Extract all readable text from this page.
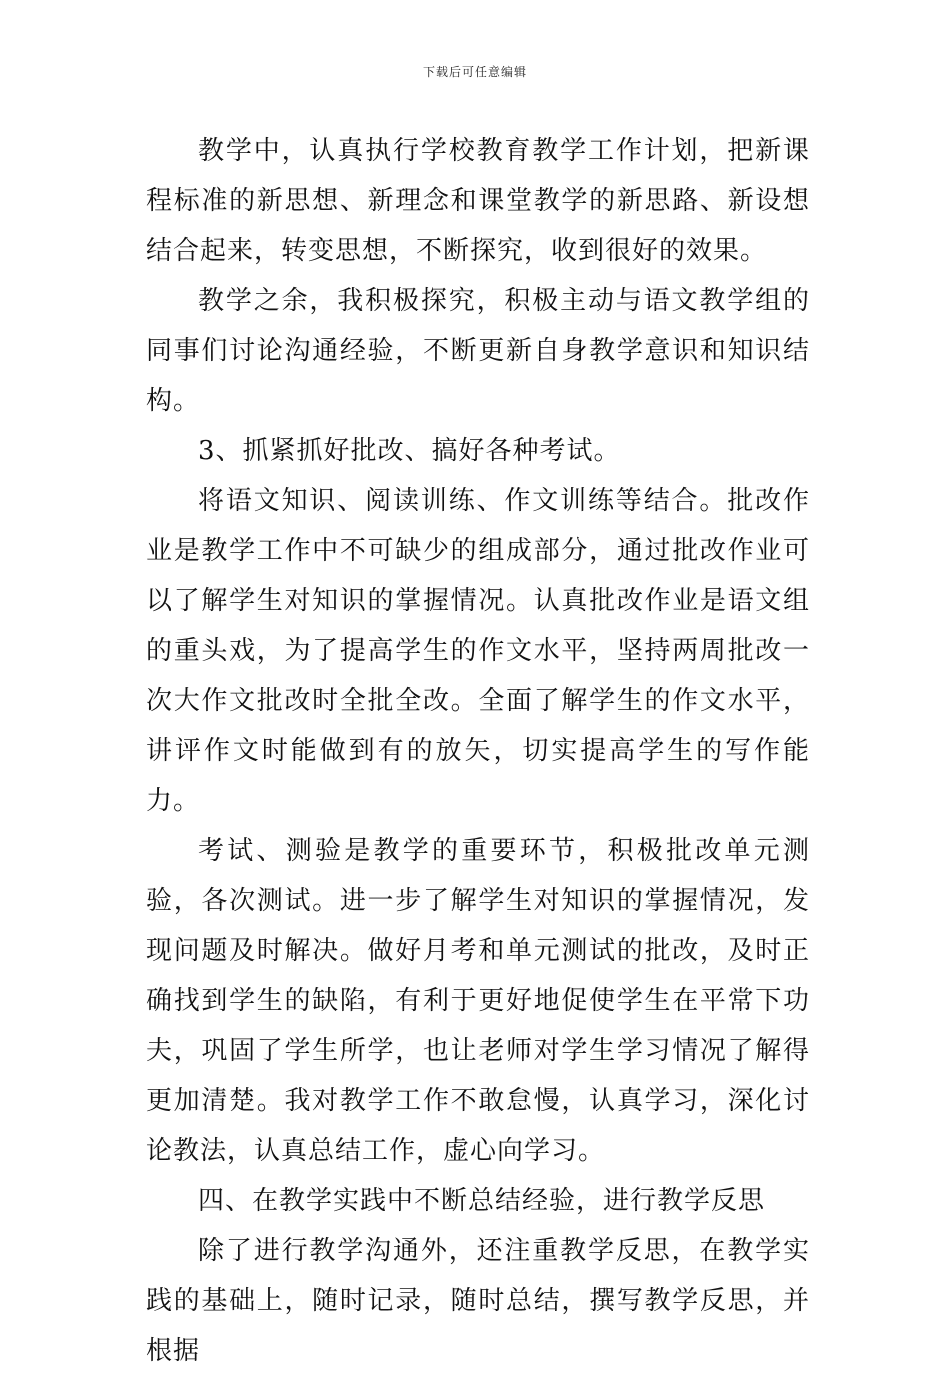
下载后可任意编辑

教学中，认真执行学校教育教学工作计划，把新课程标准的新思想、新理念和课堂教学的新思路、新设想结合起来，转变思想，不断探究，收到很好的效果。

教学之余，我积极探究，积极主动与语文教学组的同事们讨论沟通经验，不断更新自身教学意识和知识结构。

3、抓紧抓好批改、搞好各种考试。

将语文知识、阅读训练、作文训练等结合。批改作业是教学工作中不可缺少的组成部分，通过批改作业可以了解学生对知识的掌握情况。认真批改作业是语文组的重头戏，为了提高学生的作文水平，坚持两周批改一次大作文批改时全批全改。全面了解学生的作文水平，讲评作文时能做到有的放矢，切实提高学生的写作能力。

考试、测验是教学的重要环节，积极批改单元测验，各次测试。进一步了解学生对知识的掌握情况，发现问题及时解决。做好月考和单元测试的批改，及时正确找到学生的缺陷，有利于更好地促使学生在平常下功夫，巩固了学生所学，也让老师对学生学习情况了解得更加清楚。我对教学工作不敢怠慢，认真学习，深化讨论教法，认真总结工作，虚心向学习。

四、在教学实践中不断总结经验，进行教学反思

除了进行教学沟通外，还注重教学反思，在教学实践的基础上，随时记录，随时总结，撰写教学反思，并根据
